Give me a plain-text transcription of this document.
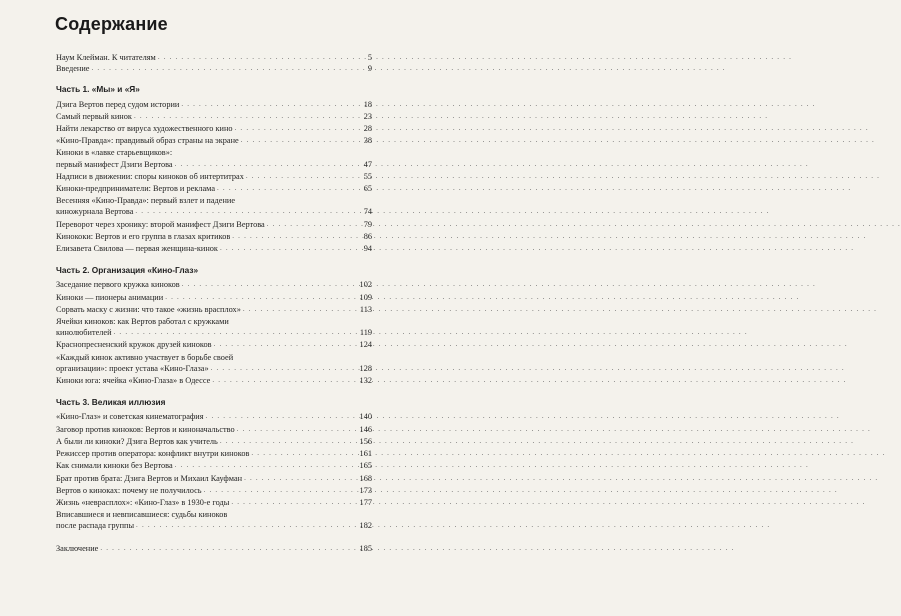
Содержание
Наум Клейман. К читателям . . .	5
Введение . . .	9
Часть 1. «Мы» и «Я»
Дзига Вертов перед судом истории . . .	18
Самый первый кинок . . .	23
Найти лекарство от вируса художественного кино . . .	28
«Кино-Правда»: правдивый образ страны на экране . . .	38
Киноки в «лавке старьевщиков»:
первый манифест Дзиги Вертова . . .	47
Надписи в движении: споры киноков об интертитрах . . .	55
Киноки-предприниматели: Вертов и реклама . . .	65
Весенняя «Кино-Правда»: первый взлет и падение
киножурнала Вертова . . .	74
Переворот через хронику: второй манифест Дзиги Вертова . . .	79
Кинококи: Вертов и его группа в глазах критиков . . .	86
Елизавета Свилова — первая женщина-кинок . . .	94
Часть 2. Организация «Кино-Глаз»
Заседание первого кружка киноков . . .	102
Киноки — пионеры анимации . . .	109
Сорвать маску с жизни: что такое «жизнь врасплох» . . .	113
Ячейки киноков: как Вертов работал с кружками
кинолюбителей . . .	119
Краснопресненский кружок друзей киноков . . .	124
«Каждый кинок активно участвует в борьбе своей
организации»: проект устава «Кино-Глаза» . . .	128
Киноки юга: ячейка «Кино-Глаза» в Одессе . . .	132
Часть 3. Великая иллюзия
«Кино-Глаз» и советская кинематография . . .	140
Заговор против киноков: Вертов и киноначальство . . .	146
А были ли киноки? Дзига Вертов как учитель . . .	156
Режиссер против оператора: конфликт внутри киноков . . .	161
Как снимали киноки без Вертова . . .	165
Брат против брата: Дзига Вертов и Михаил Кауфман . . .	168
Вертов о киноках: почему не получилось . . .	173
Жизнь «неврасплох»: «Кино-Глаз» в 1930-е годы . . .	177
Вписавшиеся и невписавшиеся: судьбы киноков
после распада группы . . .	182
Заключение . . .	185
